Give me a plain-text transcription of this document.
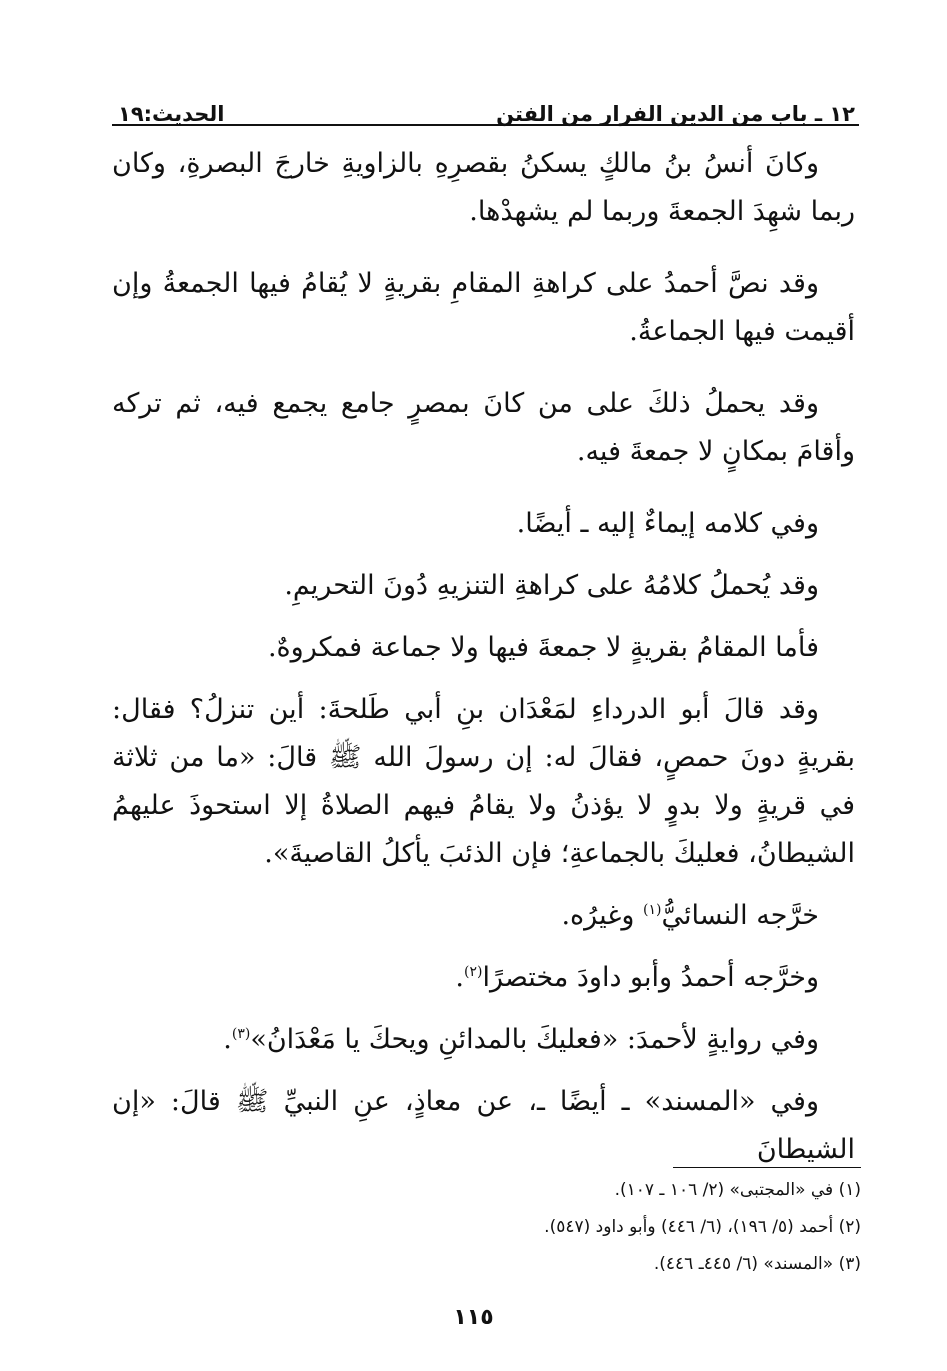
١٢ ـ باب من الدين الفرار من الفتن
الحديث:١٩

وكانَ أنسُ بنُ مالكٍ يسكنُ بقصرِهِ بالزاويةِ خارجَ البصرةِ، وكان ربما شهِدَ الجمعةَ وربما لم يشهدْها.

وقد نصَّ أحمدُ على كراهةِ المقامِ بقريةٍ لا يُقامُ فيها الجمعةُ وإن أقيمت فيها الجماعةُ.

وقد يحملُ ذلكَ على من كانَ بمصرٍ جامع يجمع فيه، ثم تركه وأقامَ بمكانٍ لا جمعةَ فيه.

وفي كلامه إيماءٌ إليه ـ أيضًا.

وقد يُحملُ كلامُهُ على كراهةِ التنزيهِ دُونَ التحريمِ.

فأما المقامُ بقريةٍ لا جمعةَ فيها ولا جماعة فمكروهٌ.

وقد قالَ أبو الدرداءِ لمَعْدَان بنِ أبي طَلحةَ: أين تنزلُ؟ فقال: بقريةٍ دونَ حمصٍ، فقالَ له: إن رسولَ الله ﷺ قالَ: «ما من ثلاثة في قريةٍ ولا بدوٍ لا يؤذنُ ولا يقامُ فيهم الصلاةُ إلا استحوذَ عليهمُ الشيطانُ، فعليكَ بالجماعةِ؛ فإن الذئبَ يأكلُ القاصيةَ».

خرَّجه النسائيُّ$^{(١)}$ وغيرُه.

وخرَّجه أحمدُ وأبو داودَ مختصرًا$^{(٢)}$.

وفي روايةٍ لأحمدَ: «فعليكَ بالمدائنِ ويحكَ يا مَعْدَانُ»$^{(٣)}$.

وفي «المسند» ـ أيضًا ـ، عن معاذٍ، عنِ النبيِّ ﷺ قالَ: «إن الشيطانَ

(١) في «المجتبى» (٢/ ١٠٦ ـ ١٠٧).

(٢) أحمد (٥/ ١٩٦)، (٦/ ٤٤٦) وأبو داود (٥٤٧).

(٣) «المسند» (٦/ ٤٤٥ـ ٤٤٦).

١١٥
